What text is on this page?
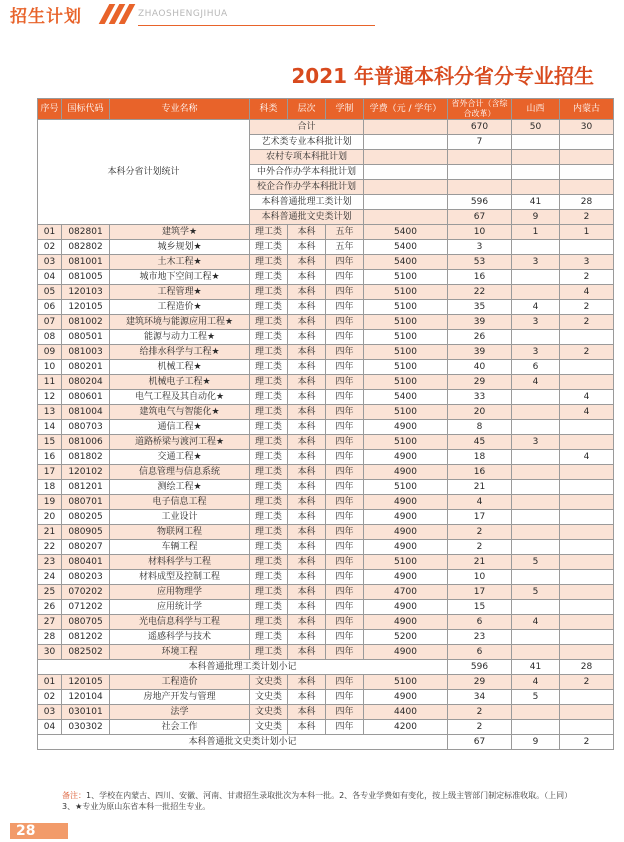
招生计划	ZHAOSHENGJIHUA
2021 年普通本科分省分专业招生
序号	国标代码	专业名称	科类	层次	学制	学费（元 / 学年）	省外合计（含综合改革）	山西	内蒙古
本科分省计划统计			合计				670	50	30
			艺术类专业本科批计划				7		
			农村专项本科批计划						
			中外合作办学本科批计划						
			校企合作办学本科批计划						
			本科普通批理工类计划				596	41	28
			本科普通批文史类计划				67	9	2
01	082801	建筑学★	理工类	本科	五年	5400	10	1	1
02	082802	城乡规划★	理工类	本科	五年	5400	3		
03	081001	土木工程★	理工类	本科	四年	5400	53	3	3
04	081005	城市地下空间工程★	理工类	本科	四年	5100	16		2
05	120103	工程管理★	理工类	本科	四年	5100	22		4
06	120105	工程造价★	理工类	本科	四年	5100	35	4	2
07	081002	建筑环境与能源应用工程★	理工类	本科	四年	5100	39	3	2
08	080501	能源与动力工程★	理工类	本科	四年	5100	26		
09	081003	给排水科学与工程★	理工类	本科	四年	5100	39	3	2
10	080201	机械工程★	理工类	本科	四年	5100	40	6	
11	080204	机械电子工程★	理工类	本科	四年	5100	29	4	
12	080601	电气工程及其自动化★	理工类	本科	四年	5400	33		4
13	081004	建筑电气与智能化★	理工类	本科	四年	5100	20		4
14	080703	通信工程★	理工类	本科	四年	4900	8		
15	081006	道路桥梁与渡河工程★	理工类	本科	四年	5100	45	3	
16	081802	交通工程★	理工类	本科	四年	4900	18		4
17	120102	信息管理与信息系统	理工类	本科	四年	4900	16		
18	081201	测绘工程★	理工类	本科	四年	5100	21		
19	080701	电子信息工程	理工类	本科	四年	4900	4		
20	080205	工业设计	理工类	本科	四年	4900	17		
21	080905	物联网工程	理工类	本科	四年	4900	2		
22	080207	车辆工程	理工类	本科	四年	4900	2		
23	080401	材料科学与工程	理工类	本科	四年	5100	21	5	
24	080203	材料成型及控制工程	理工类	本科	四年	4900	10		
25	070202	应用物理学	理工类	本科	四年	4700	17	5	
26	071202	应用统计学	理工类	本科	四年	4900	15		
27	080705	光电信息科学与工程	理工类	本科	四年	4900	6	4	
28	081202	遥感科学与技术	理工类	本科	四年	5200	23		
30	082502	环境工程	理工类	本科	四年	4900	6		
本科普通批理工类计划小记							596	41	28
01	120105	工程造价	文史类	本科	四年	5100	29	4	2
02	120104	房地产开发与管理	文史类	本科	四年	4900	34	5	
03	030101	法学	文史类	本科	四年	4400	2		
04	030302	社会工作	文史类	本科	四年	4200	2		
本科普通批文史类计划小记							67	9	2
备注：1、学校在内蒙古、四川、安徽、河南、甘肃招生录取批次为本科一批。2、各专业学费如有变化，按上级主管部门制定标准收取。（上同）
3、★专业为原山东省本科一批招生专业。
28
